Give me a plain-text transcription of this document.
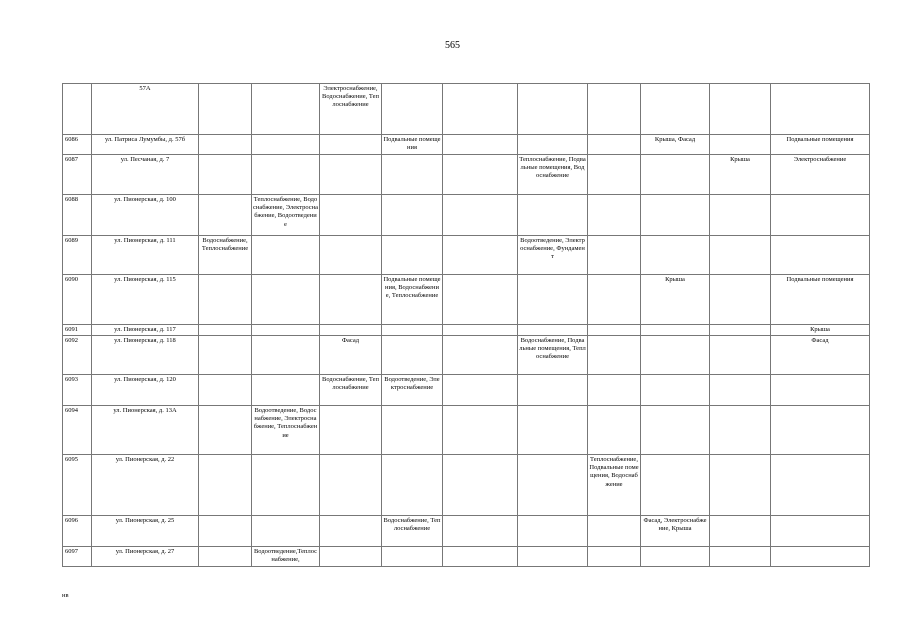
565
	57А			Электроснабжение, Водоснабжение, Теплоснабжение							
6086	ул. Патриса Лумумбы, д. 57б				Подвальные помещения				Крыша, Фасад		Подвальные помещения
6087	ул. Песчаная, д. 7						Теплоснабжение, Подвальные помещения, Водоснабжение			Крыша	Электроснабжение
6088	ул. Пионерская, д. 100		Теплоснабжение, Водоснабжение, Электроснабжение, Водоотведение								
6089	ул. Пионерская, д. 111	Водоснабжение, Теплоснабжение					Водоотведение, Электроснабжение, Фундамент				
6090	ул. Пионерская, д. 115				Подвальные помещения, Водоснабжение, Теплоснабжение				Крыша		Подвальные помещения
6091	ул. Пионерская, д. 117										Крыша
6092	ул. Пионерская, д. 118			Фасад			Водоснабжение, Подвальные помещения, Теплоснабжение				Фасад
6093	ул. Пионерская, д. 120			Водоснабжение, Теплоснабжение	Водоотведение, Электроснабжение						
6094	ул. Пионерская, д. 13А		Водоотведение, Водоснабжение, Электроснабжение, Теплоснабжение								
6095	ул. Пионерская, д. 22							Теплоснабжение, Подвальные помещения, Водоснабжение			
6096	ул. Пионерская, д. 25				Водоснабжение, Теплоснабжение				Фасад, Электроснабжение, Крыша		
6097	ул. Пионерская, д. 27		Водоотведение,Теплоснабжение,								
нв
